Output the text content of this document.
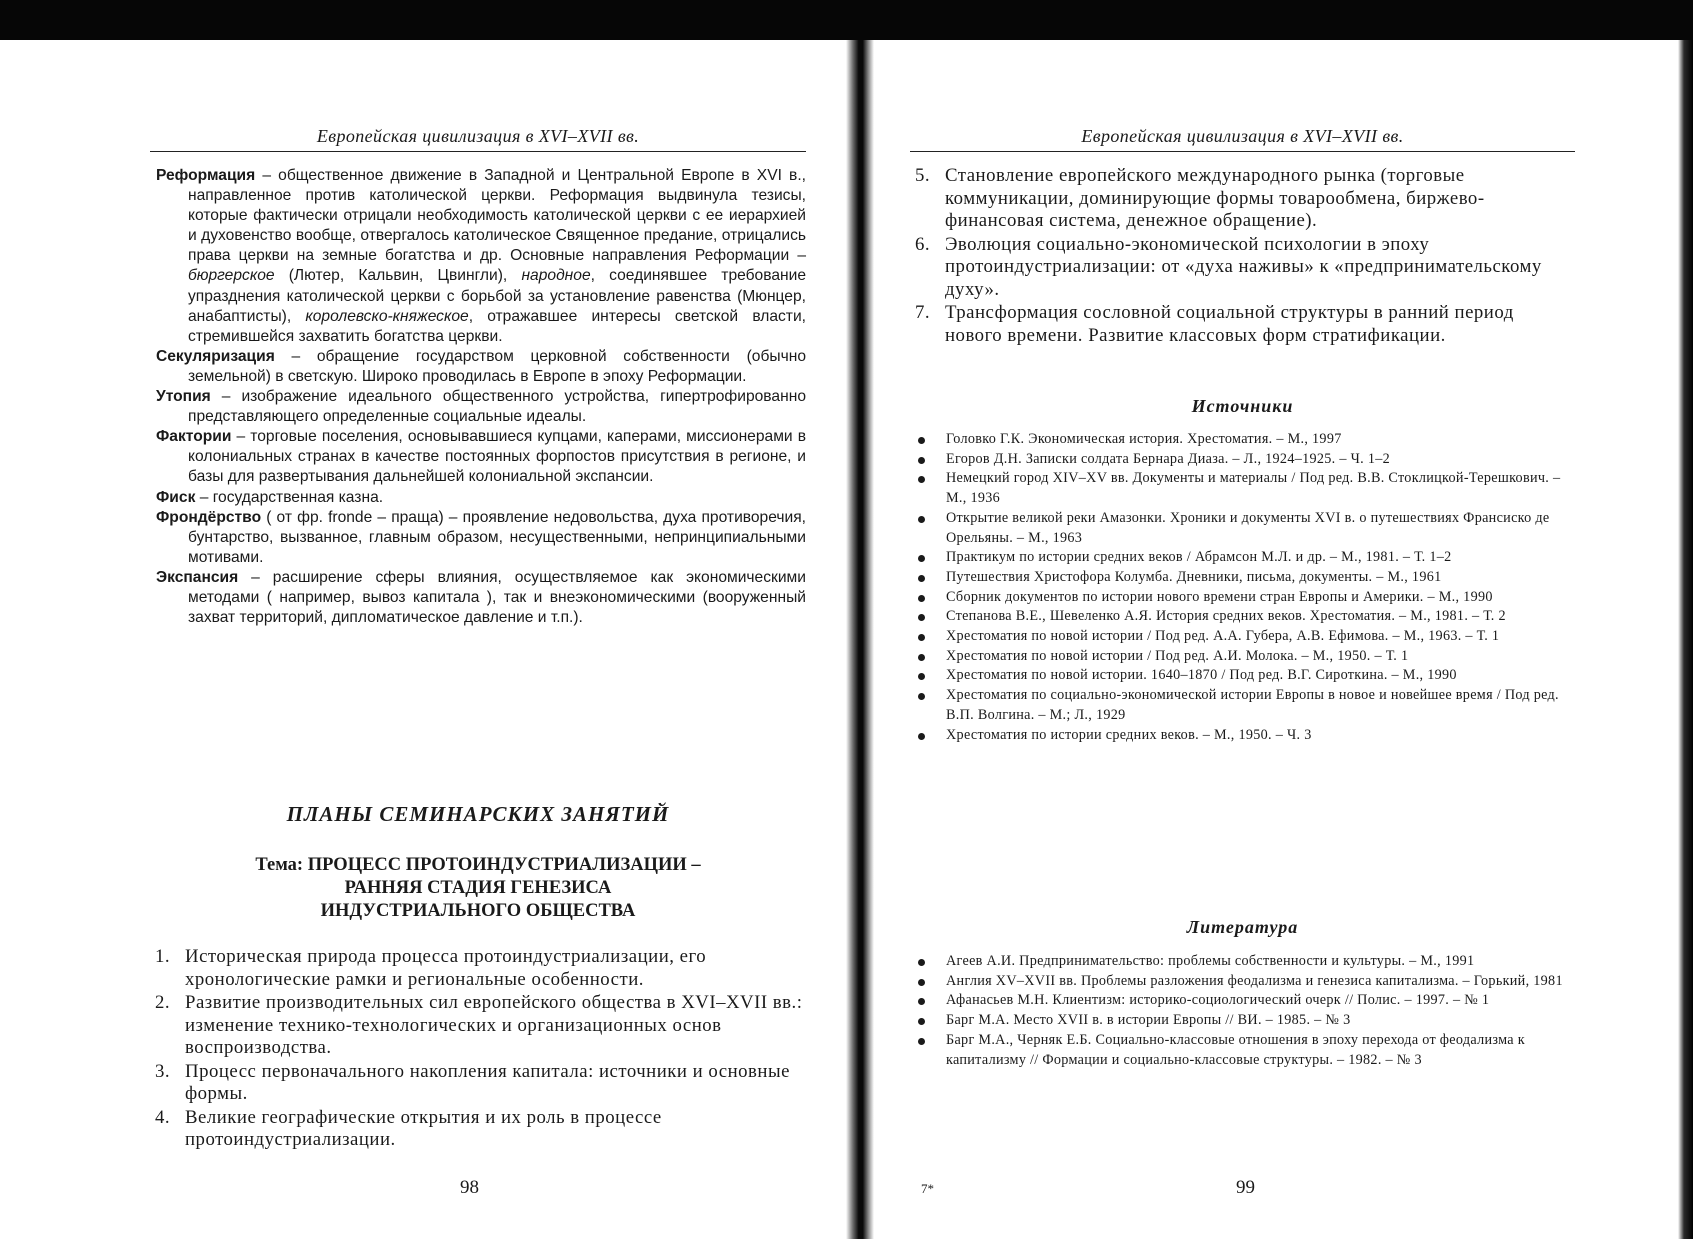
Европейская цивилизация в XVI–XVII вв.

Реформация – общественное движение в Западной и Центральной Европе в XVI в., направленное против католической церкви. Реформация выдвинула тезисы, которые фактически отрицали необходимость католической церкви с ее иерархией и духовенство вообще, отвергалось католическое Священное предание, отрицались права церкви на земные богатства и др. Основные направления Реформации – бюргерское (Лютер, Кальвин, Цвингли), народное, соединявшее требование упразднения католической церкви с борьбой за установление равенства (Мюнцер, анабаптисты), королевско-княжеское, отражавшее интересы светской власти, стремившейся захватить богатства церкви.

Секуляризация – обращение государством церковной собственности (обычно земельной) в светскую. Широко проводилась в Европе в эпоху Реформации.

Утопия – изображение идеального общественного устройства, гипертрофированно представляющего определенные социальные идеалы.

Фактории – торговые поселения, основывавшиеся купцами, каперами, миссионерами в колониальных странах в качестве постоянных форпостов присутствия в регионе, и базы для развертывания дальнейшей колониальной экспансии.

Фиск – государственная казна.

Фрондёрство ( от фр. fronde – праща) – проявление недовольства, духа противоречия, бунтарство, вызванное, главным образом, несущественными, непринципиальными мотивами.

Экспансия – расширение сферы влияния, осуществляемое как экономическими методами ( например, вывоз капитала ), так и внеэкономическими (вооруженный захват территорий, дипломатическое давление и т.п.).

ПЛАНЫ СЕМИНАРСКИХ ЗАНЯТИЙ
Тема: ПРОЦЕСС ПРОТОИНДУСТРИАЛИЗАЦИИ –
РАННЯЯ СТАДИЯ ГЕНЕЗИСА
ИНДУСТРИАЛЬНОГО ОБЩЕСТВА
1. Историческая природа процесса протоиндустриализации, его хронологические рамки и региональные особенности.
2. Развитие производительных сил европейского общества в XVI–XVII вв.: изменение технико-технологических и организационных основ воспроизводства.
3. Процесс первоначального накопления капитала: источники и основные формы.
4. Великие географические открытия и их роль в процессе протоиндустриализации.
98
Европейская цивилизация в XVI–XVII вв.
5. Становление европейского международного рынка (торговые коммуникации, доминирующие формы товарообмена, биржево-финансовая система, денежное обращение).
6. Эволюция социально-экономической психологии в эпоху протоиндустриализации: от «духа наживы» к «предпринимательскому духу».
7. Трансформация сословной социальной структуры в ранний период нового времени. Развитие классовых форм стратификации.
Источники
Головко Г.К. Экономическая история. Хрестоматия. – М., 1997
Егоров Д.Н. Записки солдата Бернара Диаза. – Л., 1924–1925. – Ч. 1–2
Немецкий город XIV–XV вв. Документы и материалы / Под ред. В.В. Стоклицкой-Терешкович. – М., 1936
Открытие великой реки Амазонки. Хроники и документы XVI в. о путешествиях Франсиско де Орельяны. – М., 1963
Практикум по истории средних веков / Абрамсон М.Л. и др. – М., 1981. – Т. 1–2
Путешествия Христофора Колумба. Дневники, письма, документы. – М., 1961
Сборник документов по истории нового времени стран Европы и Америки. – М., 1990
Степанова В.Е., Шевеленко А.Я. История средних веков. Хрестоматия. – М., 1981. – Т. 2
Хрестоматия по новой истории / Под ред. А.А. Губера, А.В. Ефимова. – М., 1963. – Т. 1
Хрестоматия по новой истории / Под ред. А.И. Молока. – М., 1950. – Т. 1
Хрестоматия по новой истории. 1640–1870 / Под ред. В.Г. Сироткина. – М., 1990
Хрестоматия по социально-экономической истории Европы в новое и новейшее время / Под ред. В.П. Волгина. – М.; Л., 1929
Хрестоматия по истории средних веков. – М., 1950. – Ч. 3
Литература
Агеев А.И. Предпринимательство: проблемы собственности и культуры. – М., 1991
Англия XV–XVII вв. Проблемы разложения феодализма и генезиса капитализма. – Горький, 1981
Афанасьев М.Н. Клиентизм: историко-социологический очерк // Полис. – 1997. – № 1
Барг М.А. Место XVII в. в истории Европы // ВИ. – 1985. – № 3
Барг М.А., Черняк Е.Б. Социально-классовые отношения в эпоху перехода от феодализма к капитализму // Формации и социально-классовые структуры. – 1982. – № 3
7*	99
